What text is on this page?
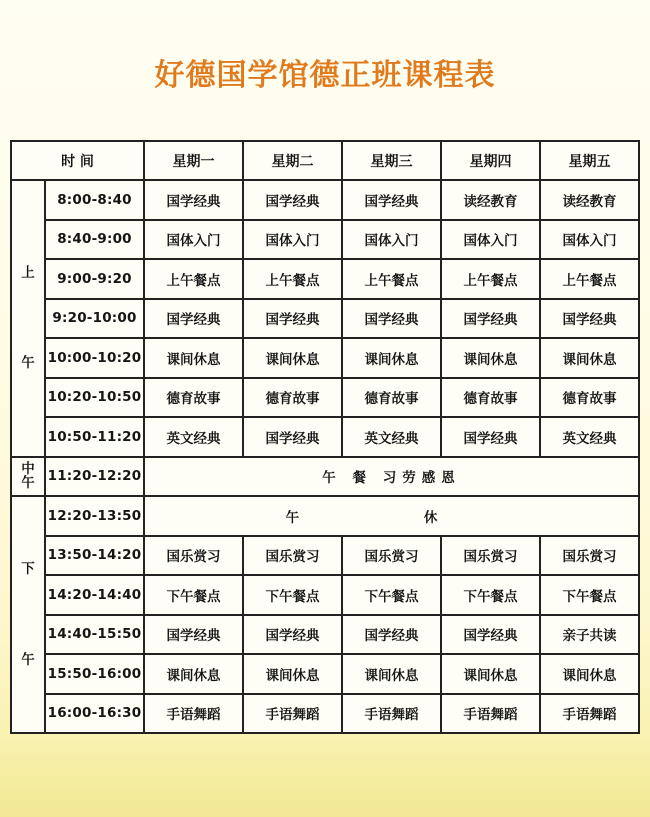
好德国学馆德正班课程表
时 间		星期一	星期二	星期三	星期四	星期五

上
午	8:00-8:40	国学经典	国学经典	国学经典	读经教育	读经教育
	8:40-9:00	国体入门	国体入门	国体入门	国体入门	国体入门
	9:00-9:20	上午餐点	上午餐点	上午餐点	上午餐点	上午餐点
	9:20-10:00	国学经典	国学经典	国学经典	国学经典	国学经典
	10:00-10:20	课间休息	课间休息	课间休息	课间休息	课间休息
	10:20-10:50	德育故事	德育故事	德育故事	德育故事	德育故事
	10:50-11:20	英文经典	国学经典	英文经典	国学经典	英文经典

中
午	11:20-12:20	午 餐 习劳感恩				

下
午	12:20-13:50	午 休				
	13:50-14:20	国乐赏习	国乐赏习	国乐赏习	国乐赏习	国乐赏习
	14:20-14:40	下午餐点	下午餐点	下午餐点	下午餐点	下午餐点
	14:40-15:50	国学经典	国学经典	国学经典	国学经典	亲子共读
	15:50-16:00	课间休息	课间休息	课间休息	课间休息	课间休息
	16:00-16:30	手语舞蹈	手语舞蹈	手语舞蹈	手语舞蹈	手语舞蹈
